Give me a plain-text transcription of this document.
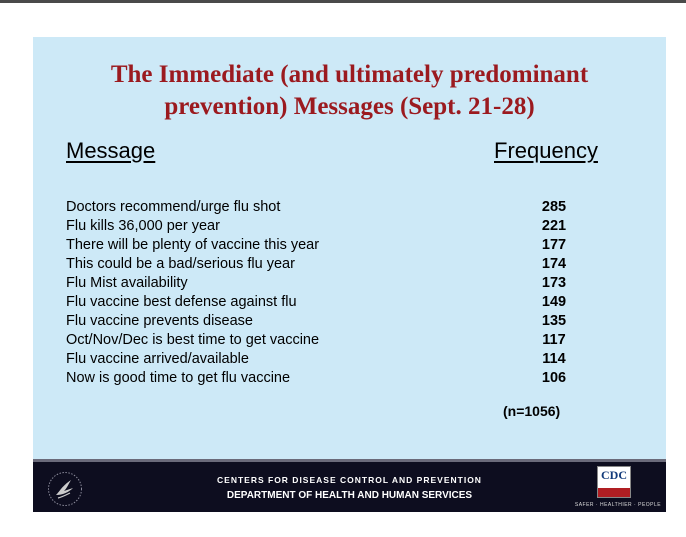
The Immediate (and ultimately predominant
prevention) Messages (Sept. 21-28)
Message	Frequency
Doctors recommend/urge flu shot	285
Flu kills 36,000 per year	221
There will be plenty of vaccine this year	177
This could be a bad/serious flu year	174
Flu Mist availability	173
Flu vaccine best defense against flu	149
Flu vaccine prevents disease	135
Oct/Nov/Dec is best time to get vaccine	117
Flu vaccine arrived/available	114
Now is good time to get flu vaccine	106
(n=1056)
CENTERS FOR DISEASE CONTROL AND PREVENTION
DEPARTMENT OF HEALTH AND HUMAN SERVICES
CDC
SAFER · HEALTHIER · PEOPLE
